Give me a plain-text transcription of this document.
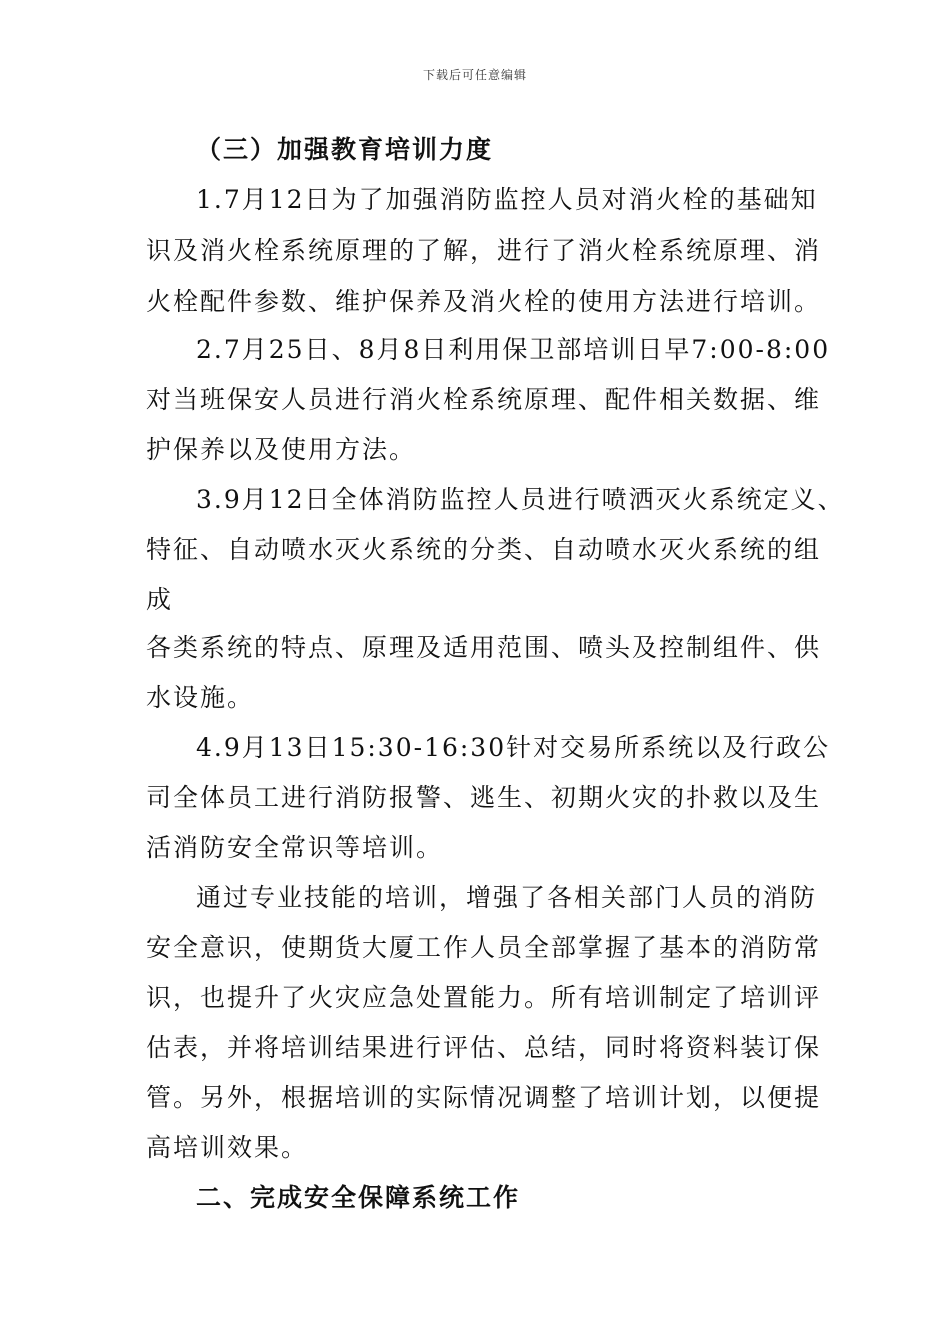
下载后可任意编辑
（三）加强教育培训力度
1.7月12日为了加强消防监控人员对消火栓的基础知
识及消火栓系统原理的了解，进行了消火栓系统原理、消
火栓配件参数、维护保养及消火栓的使用方法进行培训。
2.7月25日、8月8日利用保卫部培训日早7:00-8:00
对当班保安人员进行消火栓系统原理、配件相关数据、维
护保养以及使用方法。
3.9月12日全体消防监控人员进行喷洒灭火系统定义、
特征、自动喷水灭火系统的分类、自动喷水灭火系统的组
成
各类系统的特点、原理及适用范围、喷头及控制组件、供
水设施。
4.9月13日15:30-16:30针对交易所系统以及行政公
司全体员工进行消防报警、逃生、初期火灾的扑救以及生
活消防安全常识等培训。
通过专业技能的培训，增强了各相关部门人员的消防
安全意识，使期货大厦工作人员全部掌握了基本的消防常
识，也提升了火灾应急处置能力。所有培训制定了培训评
估表，并将培训结果进行评估、总结，同时将资料装订保
管。另外，根据培训的实际情况调整了培训计划，以便提
高培训效果。
二、完成安全保障系统工作
